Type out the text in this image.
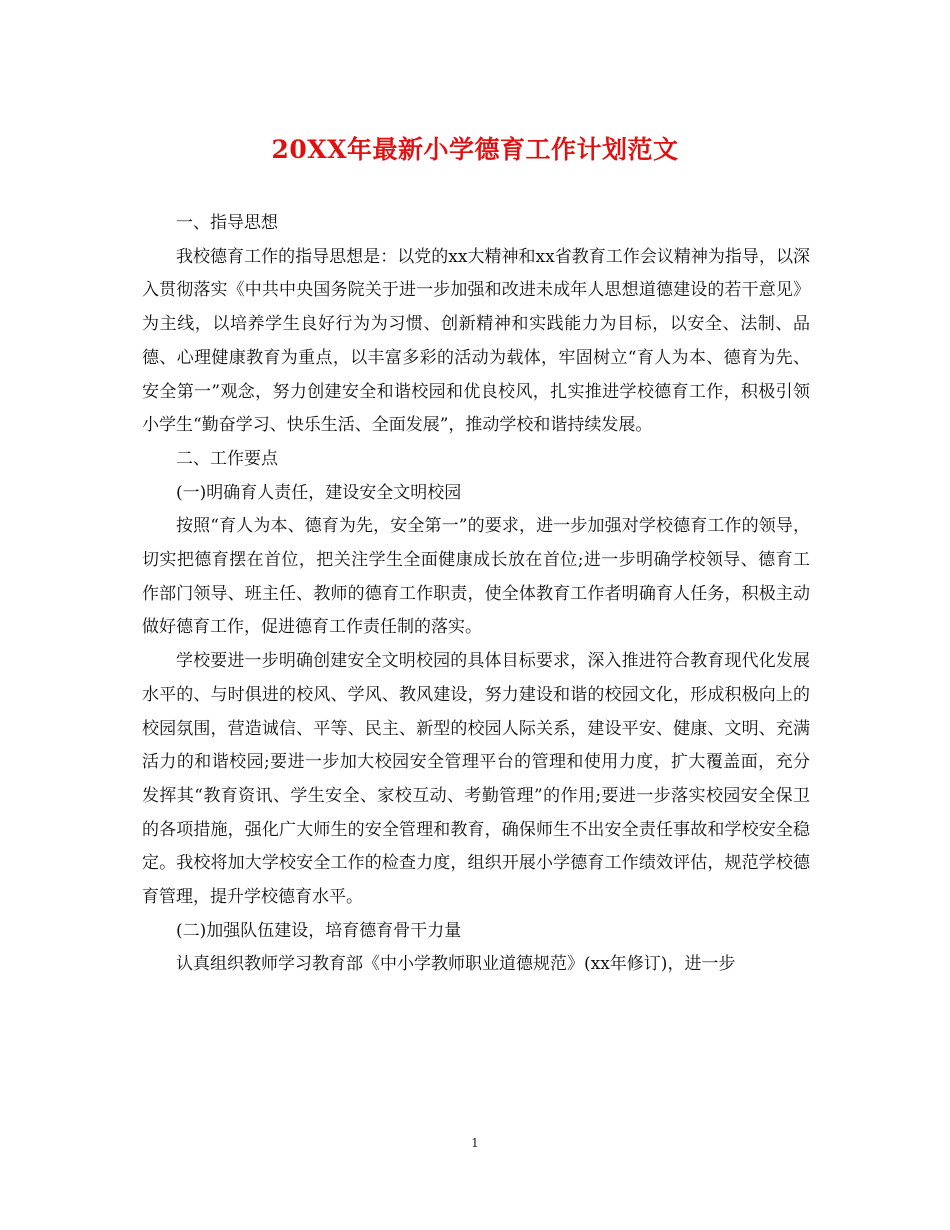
20XX年最新小学德育工作计划范文

一、指导思想

我校德育工作的指导思想是：以党的xx大精神和xx省教育工作会议精神为指导，以深入贯彻落实《中共中央国务院关于进一步加强和改进未成年人思想道德建设的若干意见》为主线，以培养学生良好行为为习惯、创新精神和实践能力为目标，以安全、法制、品德、心理健康教育为重点，以丰富多彩的活动为载体，牢固树立“育人为本、德育为先、安全第一”观念，努力创建安全和谐校园和优良校风，扎实推进学校德育工作，积极引领小学生“勤奋学习、快乐生活、全面发展”，推动学校和谐持续发展。

二、工作要点

(一)明确育人责任，建设安全文明校园

按照“育人为本、德育为先，安全第一”的要求，进一步加强对学校德育工作的领导，切实把德育摆在首位，把关注学生全面健康成长放在首位;进一步明确学校领导、德育工作部门领导、班主任、教师的德育工作职责，使全体教育工作者明确育人任务，积极主动做好德育工作，促进德育工作责任制的落实。

学校要进一步明确创建安全文明校园的具体目标要求，深入推进符合教育现代化发展水平的、与时俱进的校风、学风、教风建设，努力建设和谐的校园文化，形成积极向上的校园氛围，营造诚信、平等、民主、新型的校园人际关系，建设平安、健康、文明、充满活力的和谐校园;要进一步加大校园安全管理平台的管理和使用力度，扩大覆盖面，充分发挥其“教育资讯、学生安全、家校互动、考勤管理”的作用;要进一步落实校园安全保卫的各项措施，强化广大师生的安全管理和教育，确保师生不出安全责任事故和学校安全稳定。我校将加大学校安全工作的检查力度，组织开展小学德育工作绩效评估，规范学校德育管理，提升学校德育水平。

(二)加强队伍建设，培育德育骨干力量

认真组织教师学习教育部《中小学教师职业道德规范》(xx年修订)，进一步

1
